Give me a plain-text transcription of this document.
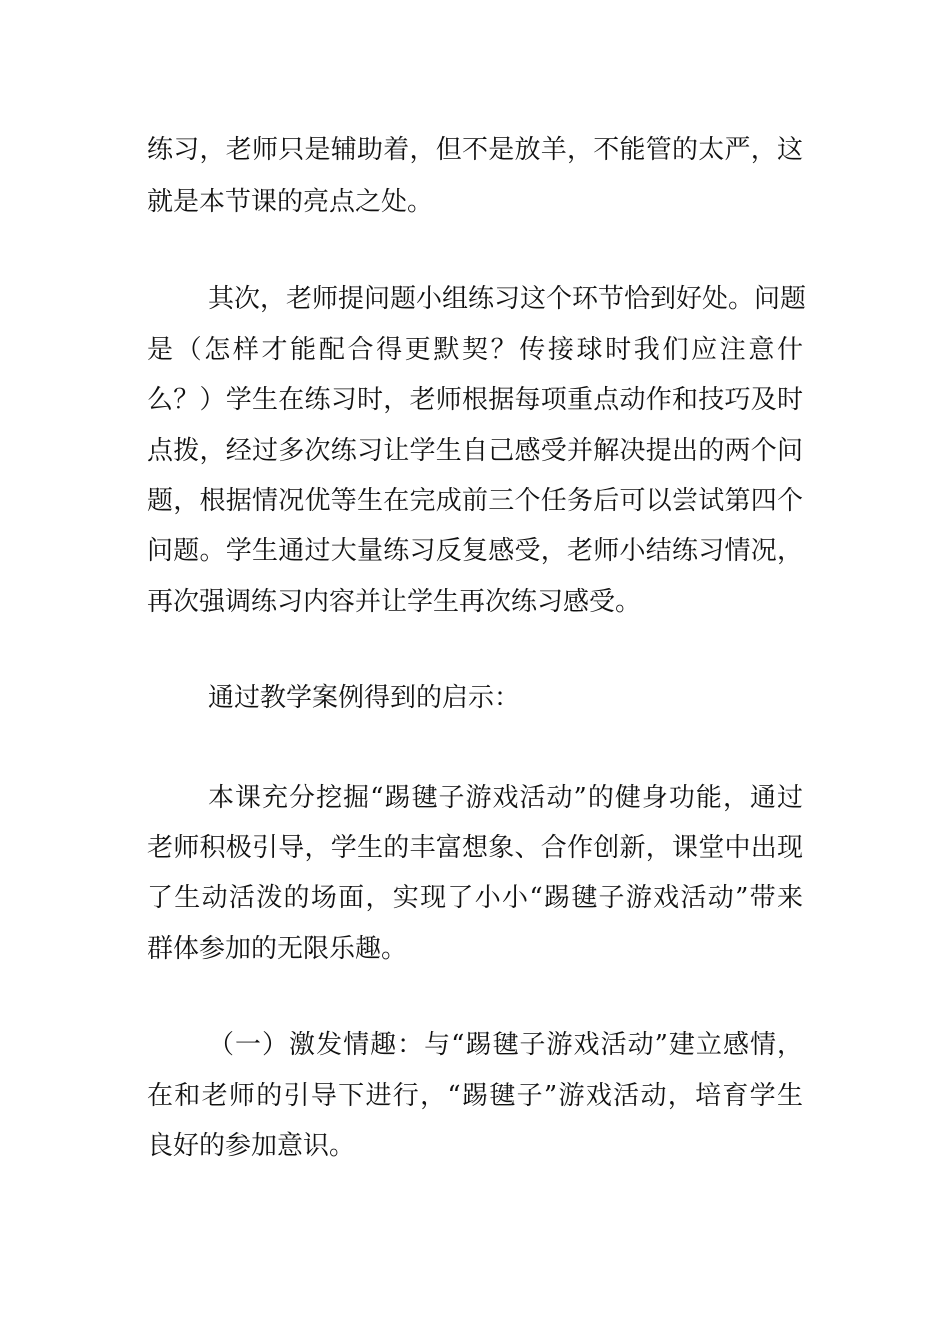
练习，老师只是辅助着，但不是放羊，不能管的太严，这
就是本节课的亮点之处。
其次，老师提问题小组练习这个环节恰到好处。问题
是（怎样才能配合得更默契？传接球时我们应注意什
么？）学生在练习时，老师根据每项重点动作和技巧及时
点拨，经过多次练习让学生自己感受并解决提出的两个问
题，根据情况优等生在完成前三个任务后可以尝试第四个
问题。学生通过大量练习反复感受，老师小结练习情况，
再次强调练习内容并让学生再次练习感受。
通过教学案例得到的启示：
本课充分挖掘“踢毽子游戏活动”的健身功能，通过
老师积极引导，学生的丰富想象、合作创新，课堂中出现
了生动活泼的场面，实现了小小“踢毽子游戏活动”带来
群体参加的无限乐趣。
（一）激发情趣：与“踢毽子游戏活动”建立感情，
在和老师的引导下进行，“踢毽子”游戏活动，培育学生
良好的参加意识。
